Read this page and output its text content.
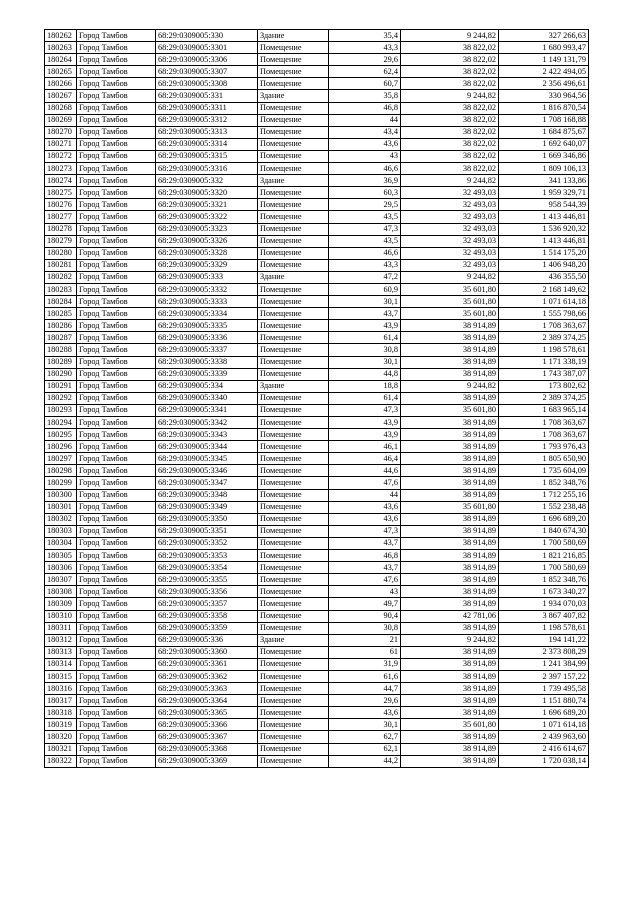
180262	Город Тамбов	68:29:0309005:330	Здание	35,4	9 244,82	327 266,63
180263	Город Тамбов	68:29:0309005:3301	Помещение	43,3	38 822,02	1 680 993,47
180264	Город Тамбов	68:29:0309005:3306	Помещение	29,6	38 822,02	1 149 131,79
180265	Город Тамбов	68:29:0309005:3307	Помещение	62,4	38 822,02	2 422 494,05
180266	Город Тамбов	68:29:0309005:3308	Помещение	60,7	38 822,02	2 356 496,61
180267	Город Тамбов	68:29:0309005:331	Здание	35,8	9 244,82	330 964,56
180268	Город Тамбов	68:29:0309005:3311	Помещение	46,8	38 822,02	1 816 870,54
180269	Город Тамбов	68:29:0309005:3312	Помещение	44	38 822,02	1 708 168,88
180270	Город Тамбов	68:29:0309005:3313	Помещение	43,4	38 822,02	1 684 875,67
180271	Город Тамбов	68:29:0309005:3314	Помещение	43,6	38 822,02	1 692 640,07
180272	Город Тамбов	68:29:0309005:3315	Помещение	43	38 822,02	1 669 346,86
180273	Город Тамбов	68:29:0309005:3316	Помещение	46,6	38 822,02	1 809 106,13
180274	Город Тамбов	68:29:0309005:332	Здание	36,9	9 244,82	341 133,86
180275	Город Тамбов	68:29:0309005:3320	Помещение	60,3	32 493,03	1 959 329,71
180276	Город Тамбов	68:29:0309005:3321	Помещение	29,5	32 493,03	958 544,39
180277	Город Тамбов	68:29:0309005:3322	Помещение	43,5	32 493,03	1 413 446,81
180278	Город Тамбов	68:29:0309005:3323	Помещение	47,3	32 493,03	1 536 920,32
180279	Город Тамбов	68:29:0309005:3326	Помещение	43,5	32 493,03	1 413 446,81
180280	Город Тамбов	68:29:0309005:3328	Помещение	46,6	32 493,03	1 514 175,20
180281	Город Тамбов	68:29:0309005:3329	Помещение	43,3	32 493,03	1 406 948,20
180282	Город Тамбов	68:29:0309005:333	Здание	47,2	9 244,82	436 355,50
180283	Город Тамбов	68:29:0309005:3332	Помещение	60,9	35 601,80	2 168 149,62
180284	Город Тамбов	68:29:0309005:3333	Помещение	30,1	35 601,80	1 071 614,18
180285	Город Тамбов	68:29:0309005:3334	Помещение	43,7	35 601,80	1 555 798,66
180286	Город Тамбов	68:29:0309005:3335	Помещение	43,9	38 914,89	1 708 363,67
180287	Город Тамбов	68:29:0309005:3336	Помещение	61,4	38 914,89	2 389 374,25
180288	Город Тамбов	68:29:0309005:3337	Помещение	30,8	38 914,89	1 198 578,61
180289	Город Тамбов	68:29:0309005:3338	Помещение	30,1	38 914,89	1 171 338,19
180290	Город Тамбов	68:29:0309005:3339	Помещение	44,8	38 914,89	1 743 387,07
180291	Город Тамбов	68:29:0309005:334	Здание	18,8	9 244,82	173 802,62
180292	Город Тамбов	68:29:0309005:3340	Помещение	61,4	38 914,89	2 389 374,25
180293	Город Тамбов	68:29:0309005:3341	Помещение	47,3	35 601,80	1 683 965,14
180294	Город Тамбов	68:29:0309005:3342	Помещение	43,9	38 914,89	1 708 363,67
180295	Город Тамбов	68:29:0309005:3343	Помещение	43,9	38 914,89	1 708 363,67
180296	Город Тамбов	68:29:0309005:3344	Помещение	46,1	38 914,89	1 793 976,43
180297	Город Тамбов	68:29:0309005:3345	Помещение	46,4	38 914,89	1 805 650,90
180298	Город Тамбов	68:29:0309005:3346	Помещение	44,6	38 914,89	1 735 604,09
180299	Город Тамбов	68:29:0309005:3347	Помещение	47,6	38 914,89	1 852 348,76
180300	Город Тамбов	68:29:0309005:3348	Помещение	44	38 914,89	1 712 255,16
180301	Город Тамбов	68:29:0309005:3349	Помещение	43,6	35 601,80	1 552 238,48
180302	Город Тамбов	68:29:0309005:3350	Помещение	43,6	38 914,89	1 696 689,20
180303	Город Тамбов	68:29:0309005:3351	Помещение	47,3	38 914,89	1 840 674,30
180304	Город Тамбов	68:29:0309005:3352	Помещение	43,7	38 914,89	1 700 580,69
180305	Город Тамбов	68:29:0309005:3353	Помещение	46,8	38 914,89	1 821 216,85
180306	Город Тамбов	68:29:0309005:3354	Помещение	43,7	38 914,89	1 700 580,69
180307	Город Тамбов	68:29:0309005:3355	Помещение	47,6	38 914,89	1 852 348,76
180308	Город Тамбов	68:29:0309005:3356	Помещение	43	38 914,89	1 673 340,27
180309	Город Тамбов	68:29:0309005:3357	Помещение	49,7	38 914,89	1 934 070,03
180310	Город Тамбов	68:29:0309005:3358	Помещение	90,4	42 781,06	3 867 407,82
180311	Город Тамбов	68:29:0309005:3359	Помещение	30,8	38 914,89	1 198 578,61
180312	Город Тамбов	68:29:0309005:336	Здание	21	9 244,82	194 141,22
180313	Город Тамбов	68:29:0309005:3360	Помещение	61	38 914,89	2 373 808,29
180314	Город Тамбов	68:29:0309005:3361	Помещение	31,9	38 914,89	1 241 384,99
180315	Город Тамбов	68:29:0309005:3362	Помещение	61,6	38 914,89	2 397 157,22
180316	Город Тамбов	68:29:0309005:3363	Помещение	44,7	38 914,89	1 739 495,58
180317	Город Тамбов	68:29:0309005:3364	Помещение	29,6	38 914,89	1 151 880,74
180318	Город Тамбов	68:29:0309005:3365	Помещение	43,6	38 914,89	1 696 689,20
180319	Город Тамбов	68:29:0309005:3366	Помещение	30,1	35 601,80	1 071 614,18
180320	Город Тамбов	68:29:0309005:3367	Помещение	62,7	38 914,89	2 439 963,60
180321	Город Тамбов	68:29:0309005:3368	Помещение	62,1	38 914,89	2 416 614,67
180322	Город Тамбов	68:29:0309005:3369	Помещение	44,2	38 914,89	1 720 038,14
